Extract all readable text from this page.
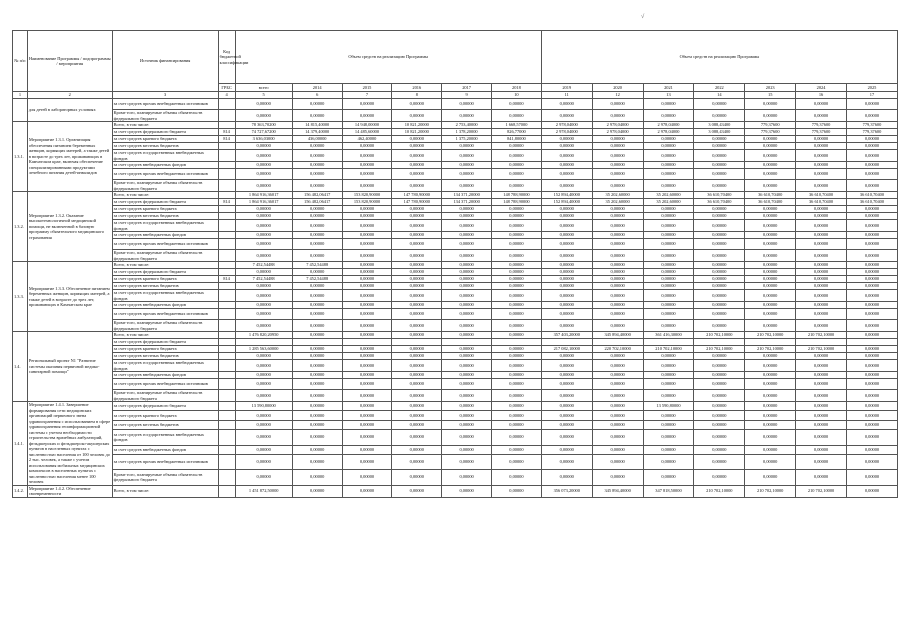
√
№ п/п	Наименование Программы / подпрограммы / мероприятия	Источник финансирования	Код бюджетной классификации	Объем средств на реализацию Программы						Объем средств на реализацию Программы						
			ГРБС	всего	2014	2015	2016	2017	2018	2019	2020	2021	2022	2023	2024	2025
1	2	3	4	5	6	7	8	9	10	11	12	13	14	15	16	17
	для детей в лабораторных условиях	за счет средств прочих внебюджетных источников		0,00000	0,00000	0,00000	0,00000	0,00000	0,00000	0,00000	0,00000	0,00000	0,00000	0,00000	0,00000	0,00000
		Кроме того, планируемые объемы обязательств федерального бюджета		0,00000	0,00000	0,00000	0,00000	0,00000	0,00000	0,00000	0,00000	0,00000	0,00000	0,00000	0,00000	0,00000
1.3.1.	Мероприятие 1.3.1. Организация обеспечения питанием беременных женщин, кормящих матерей, а также детей в возрасте до трех лет, проживающих в Камчатском крае, включая обеспечение специализированными продуктами лечебного питания детей-инвалидов	Всего, в том числе:		78 363,70200	14 815,40000	14 948,00000	10 821,20000	2 753,40000	1 668,57000	2 978,04000	2 978,04000	2 978,04000	3 088,43400	779,37600	779,37600	779,37600
		за счет средств федерального бюджета	814	74 727,67200	14 379,40000	14 485,60000	10 821,20000	1 378,20000	826,77000	2 978,04000	2 978,04000	2 978,04000	3 088,43400	779,37600	779,37600	779,37600
		за счет средств краевого бюджета	814	3 636,03000	436,00000	462,40000	0,00000	1 375,20000	841,80000	0,00000	0,00000	0,00000	0,00000	0,00000	0,00000	0,00000
		за счет средств местных бюджетов		0,00000	0,00000	0,00000	0,00000	0,00000	0,00000	0,00000	0,00000	0,00000	0,00000	0,00000	0,00000	0,00000
		за счет средств государственных внебюджетных фондов		0,00000	0,00000	0,00000	0,00000	0,00000	0,00000	0,00000	0,00000	0,00000	0,00000	0,00000	0,00000	0,00000
		за счет средств внебюджетных фондов		0,00000	0,00000	0,00000	0,00000	0,00000	0,00000	0,00000	0,00000	0,00000	0,00000	0,00000	0,00000	0,00000
		за счет средств прочих внебюджетных источников		0,00000	0,00000	0,00000	0,00000	0,00000	0,00000	0,00000	0,00000	0,00000	0,00000	0,00000	0,00000	0,00000
		Кроме того, планируемые объемы обязательств федерального бюджета		0,00000	0,00000	0,00000	0,00000	0,00000	0,00000	0,00000	0,00000	0,00000	0,00000	0,00000	0,00000	0,00000
1.3.2.	Мероприятие 1.3.2. Оказание высокотехнологичной медицинской помощи, не включенной в базовую программу обязательного медицинского страхования	Всего, в том числе:		1 864 916,36017	156 482,06417	153 820,90000	147 780,90000	134 371,20000	148 788,90000	152 894,40000	35 202,60000	35 202,60000	36 610,70400	36 610,70400	36 610,70400	36 610,70400
		за счет средств федерального бюджета	814	1 864 916,36017	156 482,06417	153 820,90000	147 780,90000	134 371,20000	148 788,90000	152 894,40000	35 202,60000	35 202,60000	36 610,70400	36 610,70400	36 610,70400	36 610,70400
		за счет средств краевого бюджета		0,00000	0,00000	0,00000	0,00000	0,00000	0,00000	0,00000	0,00000	0,00000	0,00000	0,00000	0,00000	0,00000
		за счет средств местных бюджетов		0,00000	0,00000	0,00000	0,00000	0,00000	0,00000	0,00000	0,00000	0,00000	0,00000	0,00000	0,00000	0,00000
		за счет средств государственных внебюджетных фондов		0,00000	0,00000	0,00000	0,00000	0,00000	0,00000	0,00000	0,00000	0,00000	0,00000	0,00000	0,00000	0,00000
		за счет средств внебюджетных фондов		0,00000	0,00000	0,00000	0,00000	0,00000	0,00000	0,00000	0,00000	0,00000	0,00000	0,00000	0,00000	0,00000
		за счет средств прочих внебюджетных источников		0,00000	0,00000	0,00000	0,00000	0,00000	0,00000	0,00000	0,00000	0,00000	0,00000	0,00000	0,00000	0,00000
		Кроме того, планируемые объемы обязательств федерального бюджета		0,00000	0,00000	0,00000	0,00000	0,00000	0,00000	0,00000	0,00000	0,00000	0,00000	0,00000	0,00000	0,00000
1.3.3.	Мероприятие 1.3.3. Обеспечение питанием беременных женщин, кормящих матерей, а также детей в возрасте до трех лет, проживающих в Камчатском крае	Всего, в том числе:		7 452,54488	7 452,54488	0,00000	0,00000	0,00000	0,00000	0,00000	0,00000	0,00000	0,00000	0,00000	0,00000	0,00000
		за счет средств федерального бюджета		0,00000	0,00000	0,00000	0,00000	0,00000	0,00000	0,00000	0,00000	0,00000	0,00000	0,00000	0,00000	0,00000
		за счет средств краевого бюджета	814	7 452,54488	7 452,54488	0,00000	0,00000	0,00000	0,00000	0,00000	0,00000	0,00000	0,00000	0,00000	0,00000	0,00000
		за счет средств местных бюджетов		0,00000	0,00000	0,00000	0,00000	0,00000	0,00000	0,00000	0,00000	0,00000	0,00000	0,00000	0,00000	0,00000
		за счет средств государственных внебюджетных фондов		0,00000	0,00000	0,00000	0,00000	0,00000	0,00000	0,00000	0,00000	0,00000	0,00000	0,00000	0,00000	0,00000
		за счет средств внебюджетных фондов		0,00000	0,00000	0,00000	0,00000	0,00000	0,00000	0,00000	0,00000	0,00000	0,00000	0,00000	0,00000	0,00000
		за счет средств прочих внебюджетных источников		0,00000	0,00000	0,00000	0,00000	0,00000	0,00000	0,00000	0,00000	0,00000	0,00000	0,00000	0,00000	0,00000
		Кроме того, планируемые объемы обязательств федерального бюджета		0,00000	0,00000	0,00000	0,00000	0,00000	0,00000	0,00000	0,00000	0,00000	0,00000	0,00000	0,00000	0,00000
1.4.	Региональный проект N1 "Развитие системы оказания первичной медико-санитарной помощи"	Всего, в том числе:		1 476 820,20950	0,00000	0,00000	0,00000	0,00000	0,00000	357 403,20000	345 894,40000	361 416,30000	210 702,10000	210 702,10000	210 702,10000	0,00000
		за счет средств федерального бюджета														
		за счет средств краевого бюджета		1 285 563,60000	0,00000	0,00000	0,00000	0,00000	0,00000	217 082,10000	220 702,10000	210 702,10000	210 702,10000	210 702,10000	210 702,10000	0,00000
		за счет средств местных бюджетов		0,00000	0,00000	0,00000	0,00000	0,00000	0,00000	0,00000	0,00000	0,00000	0,00000	0,00000	0,00000	0,00000
		за счет средств государственных внебюджетных фондов		0,00000	0,00000	0,00000	0,00000	0,00000	0,00000	0,00000	0,00000	0,00000	0,00000	0,00000	0,00000	0,00000
		за счет средств внебюджетных фондов		0,00000	0,00000	0,00000	0,00000	0,00000	0,00000	0,00000	0,00000	0,00000	0,00000	0,00000	0,00000	0,00000
		за счет средств прочих внебюджетных источников		0,00000	0,00000	0,00000	0,00000	0,00000	0,00000	0,00000	0,00000	0,00000	0,00000	0,00000	0,00000	0,00000
		Кроме того, планируемые объемы обязательств федерального бюджета		0,00000	0,00000	0,00000	0,00000	0,00000	0,00000	0,00000	0,00000	0,00000	0,00000	0,00000	0,00000	0,00000
1.4.1.	Мероприятие 1.4.1. Завершение формирования сети медицинских организаций первичного звена здравоохранения с использованием в сфере здравоохранения геоинформационной системы с учетом необходимости строительства врачебных амбулаторий, фельдшерских и фельдшерско-акушерских пунктов в населенных пунктах с численностью населения от 100 человек до 2 тыс. человек, а также с учетом использования мобильных медицинских комплексов в населенных пунктах с численностью населения менее 100 человек	за счет средств федерального бюджета		13 590,80000	0,00000	0,00000	0,00000	0,00000	0,00000	0,00000	0,00000	13 590,80000	0,00000	0,00000	0,00000	0,00000
		за счет средств краевого бюджета		0,00000	0,00000	0,00000	0,00000	0,00000	0,00000	0,00000	0,00000	0,00000	0,00000	0,00000	0,00000	0,00000
		за счет средств местных бюджетов		0,00000	0,00000	0,00000	0,00000	0,00000	0,00000	0,00000	0,00000	0,00000	0,00000	0,00000	0,00000	0,00000
		за счет средств государственных внебюджетных фондов		0,00000	0,00000	0,00000	0,00000	0,00000	0,00000	0,00000	0,00000	0,00000	0,00000	0,00000	0,00000	0,00000
		за счет средств внебюджетных фондов		0,00000	0,00000	0,00000	0,00000	0,00000	0,00000	0,00000	0,00000	0,00000	0,00000	0,00000	0,00000	0,00000
		за счет средств прочих внебюджетных источников		0,00000	0,00000	0,00000	0,00000	0,00000	0,00000	0,00000	0,00000	0,00000	0,00000	0,00000	0,00000	0,00000
		Кроме того, планируемые объемы обязательств федерального бюджета		0,00000	0,00000	0,00000	0,00000	0,00000	0,00000	0,00000	0,00000	0,00000	0,00000	0,00000	0,00000	0,00000
1.4.2.	Мероприятие 1.4.2. Обеспечение своевременности	Всего, в том числе:		1 451 872,50000	0,00000	0,00000	0,00000	0,00000	0,00000	356 073,20000	345 894,40000	347 818,50000	210 702,10000	210 702,10000	210 702,10000	0,00000
